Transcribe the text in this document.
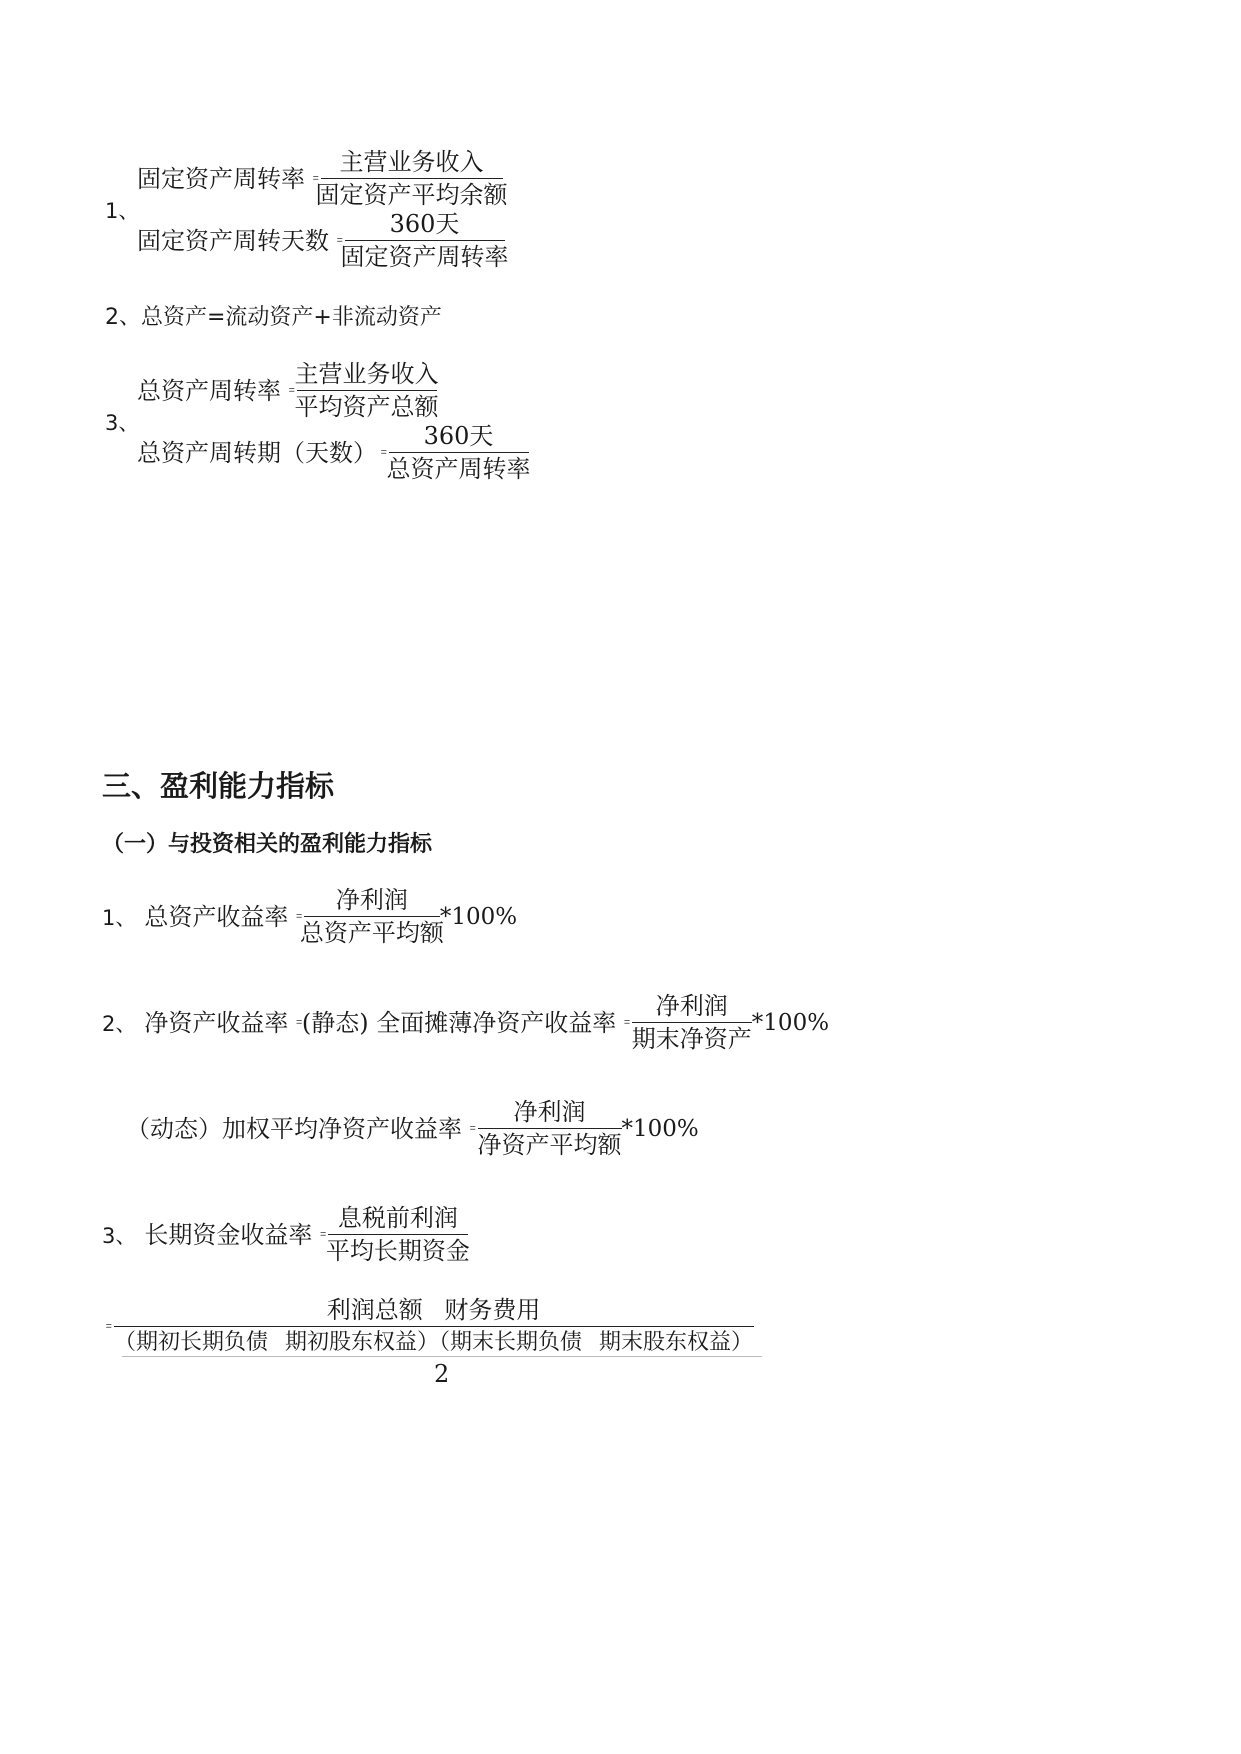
1、
固定资产周转率 ꞊ $\frac{\text{主营业务收入}}{\text{固定资产平均余额}}$
固定资产周转天数 ꞊ $\frac{\text{360天}}{\text{固定资产周转率}}$
2、总资产=流动资产+非流动资产
3、
总资产周转率 ꞊ $\frac{\text{主营业务收入}}{\text{平均资产总额}}$
总资产周转期（天数） ꞊ $\frac{\text{360天}}{\text{总资产周转率}}$
三、盈利能力指标
（一）与投资相关的盈利能力指标
1、 总资产收益率 ꞊ $\frac{\text{净利润}}{\text{总资产平均额}} *100\%$
2、 净资产收益率 ꞊ (静态) 全面摊薄净资产收益率 ꞊ $\frac{\text{净利润}}{\text{期末净资产}} *100\%$
（动态）加权平均净资产收益率 ꞊ $\frac{\text{净利润}}{\text{净资产平均额}} *100\%$
3、 长期资金收益率 ꞊ $\frac{\text{息税前利润}}{\text{平均长期资金}}$
꞊ $\frac{\text{利润总额 财务费用}}{\text{（期初长期负债 期初股东权益）（期末长期负债 期末股东权益）}}$
2
